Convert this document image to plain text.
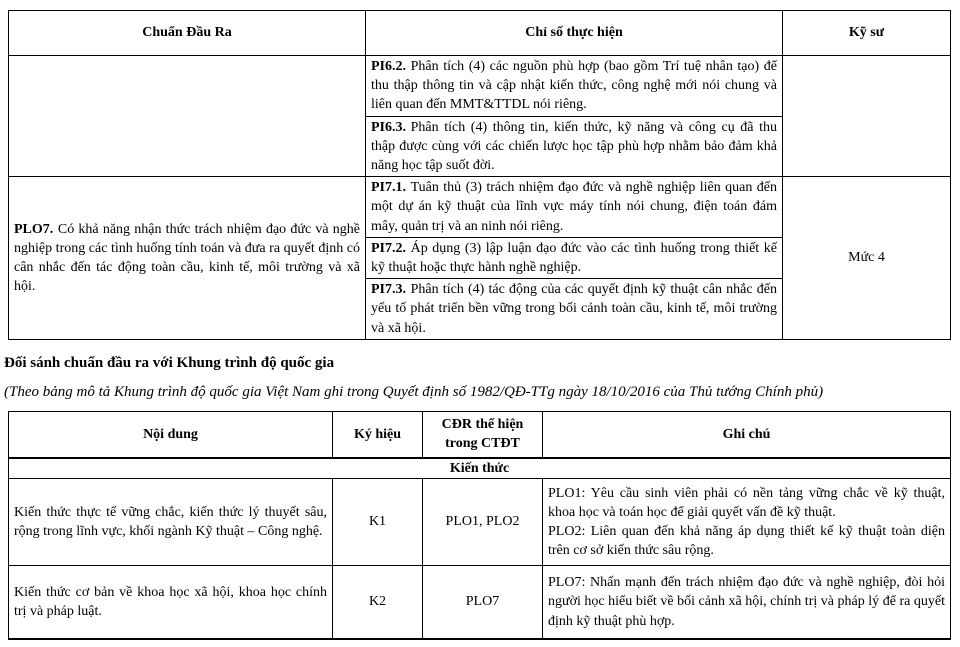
Chuẩn Đầu Ra	Chỉ số thực hiện	Kỹ sư
	PI6.2. Phân tích (4) các nguồn phù hợp (bao gồm Trí tuệ nhân tạo) để thu thập thông tin và cập nhật kiến thức, công nghệ mới nói chung và liên quan đến MMT&TTDL nói riêng.	
	PI6.3. Phân tích (4) thông tin, kiến thức, kỹ năng và công cụ đã thu thập được cùng với các chiến lược học tập phù hợp nhằm bảo đảm khả năng học tập suốt đời.	
PLO7. Có khả năng nhận thức trách nhiệm đạo đức và nghề nghiệp trong các tình huống tính toán và đưa ra quyết định có cân nhắc đến tác động toàn cầu, kinh tế, môi trường và xã hội.	PI7.1. Tuân thủ (3) trách nhiệm đạo đức và nghề nghiệp liên quan đến một dự án kỹ thuật của lĩnh vực máy tính nói chung, điện toán đám mây, quản trị và an ninh nói riêng.	Mức 4
	PI7.2. Áp dụng (3) lập luận đạo đức vào các tình huống trong thiết kế kỹ thuật hoặc thực hành nghề nghiệp.	
	PI7.3. Phân tích (4) tác động của các quyết định kỹ thuật cân nhắc đến yếu tố phát triển bền vững trong bối cảnh toàn cầu, kinh tế, môi trường và xã hội.	
Đối sánh chuẩn đầu ra với Khung trình độ quốc gia
(Theo bảng mô tả Khung trình độ quốc gia Việt Nam ghi trong Quyết định số 1982/QĐ-TTg ngày 18/10/2016 của Thủ tướng Chính phủ)
Nội dung	Ký hiệu	CĐR thể hiện trong CTĐT	Ghi chú
Kiến thức			
Kiến thức thực tế vững chắc, kiến thức lý thuyết sâu, rộng trong lĩnh vực, khối ngành Kỹ thuật – Công nghệ.	K1	PLO1, PLO2	PLO1: Yêu cầu sinh viên phải có nền tảng vững chắc về kỹ thuật, khoa học và toán học để giải quyết vấn đề kỹ thuật.
PLO2: Liên quan đến khả năng áp dụng thiết kế kỹ thuật toàn diện trên cơ sở kiến thức sâu rộng.

Kiến thức cơ bản về khoa học xã hội, khoa học chính trị và pháp luật.	K2	PLO7	PLO7: Nhấn mạnh đến trách nhiệm đạo đức và nghề nghiệp, đòi hỏi người học hiểu biết về bối cảnh xã hội, chính trị và pháp lý để ra quyết định kỹ thuật phù hợp.
